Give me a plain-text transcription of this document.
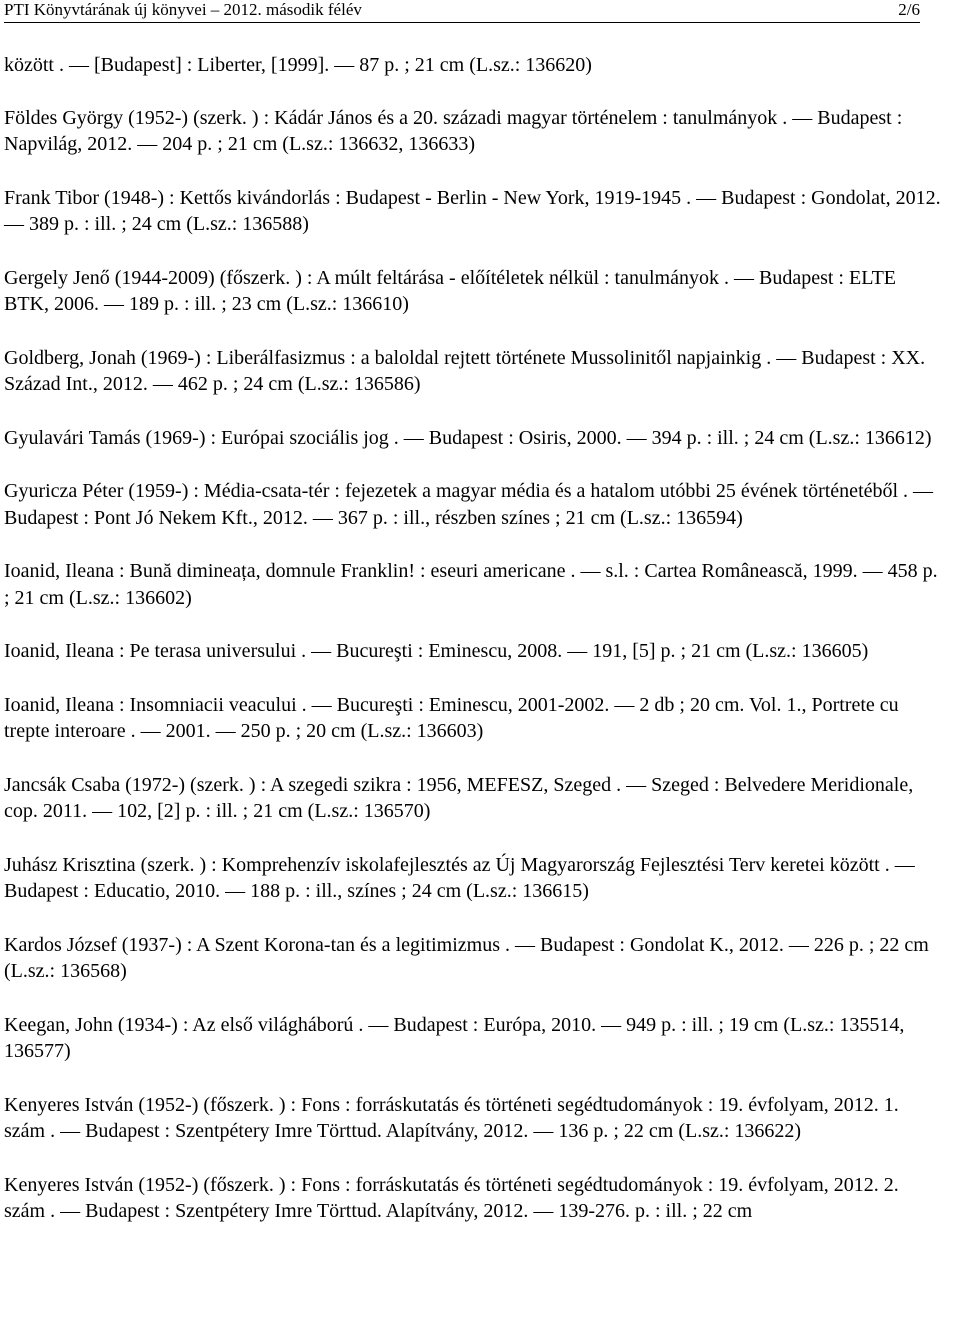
PTI Könyvtárának új könyvei – 2012. második félév	2/6

között . — [Budapest] : Liberter, [1999]. — 87 p. ; 21 cm (L.sz.: 136620)

Földes György (1952-) (szerk. ) : Kádár János és a 20. századi magyar történelem : tanulmányok . — Budapest : Napvilág, 2012. — 204 p. ; 21 cm (L.sz.: 136632, 136633)

Frank Tibor (1948-) : Kettős kivándorlás : Budapest - Berlin - New York, 1919-1945 . — Budapest : Gondolat, 2012. — 389 p. : ill. ; 24 cm (L.sz.: 136588)

Gergely Jenő (1944-2009) (főszerk. ) : A múlt feltárása - előítéletek nélkül : tanulmányok . — Budapest : ELTE BTK, 2006. — 189 p. : ill. ; 23 cm (L.sz.: 136610)

Goldberg, Jonah (1969-) : Liberálfasizmus : a baloldal rejtett története Mussolinitől napjainkig . — Budapest : XX. Század Int., 2012. — 462 p. ; 24 cm (L.sz.: 136586)

Gyulavári Tamás (1969-) : Európai szociális jog . — Budapest : Osiris, 2000. — 394 p. : ill. ; 24 cm (L.sz.: 136612)

Gyuricza Péter (1959-) : Média-csata-tér : fejezetek a magyar média és a hatalom utóbbi 25 évének történetéből . — Budapest : Pont Jó Nekem Kft., 2012. — 367 p. : ill., részben színes ; 21 cm (L.sz.: 136594)

Ioanid, Ileana : Bună dimineața, domnule Franklin! : eseuri americane . — s.l. : Cartea Românească, 1999. — 458 p. ; 21 cm (L.sz.: 136602)

Ioanid, Ileana : Pe terasa universului . — Bucureşti : Eminescu, 2008. — 191, [5] p. ; 21 cm (L.sz.: 136605)

Ioanid, Ileana : Insomniacii veacului . — Bucureşti : Eminescu, 2001-2002. — 2 db ; 20 cm. Vol. 1., Portrete cu trepte interoare . — 2001. — 250 p. ; 20 cm (L.sz.: 136603)

Jancsák Csaba (1972-) (szerk. ) : A szegedi szikra : 1956, MEFESZ, Szeged . — Szeged : Belvedere Meridionale, cop. 2011. — 102, [2] p. : ill. ; 21 cm (L.sz.: 136570)

Juhász Krisztina (szerk. ) : Komprehenzív iskolafejlesztés az Új Magyarország Fejlesztési Terv keretei között . — Budapest : Educatio, 2010. — 188 p. : ill., színes ; 24 cm (L.sz.: 136615)

Kardos József (1937-) : A Szent Korona-tan és a legitimizmus . — Budapest : Gondolat K., 2012. — 226 p. ; 22 cm (L.sz.: 136568)

Keegan, John (1934-) : Az első világháború . — Budapest : Európa, 2010. — 949 p. : ill. ; 19 cm (L.sz.: 135514, 136577)

Kenyeres István (1952-) (főszerk. ) : Fons : forráskutatás és történeti segédtudományok : 19. évfolyam, 2012. 1. szám . — Budapest : Szentpétery Imre Törttud. Alapítvány, 2012. — 136 p. ; 22 cm (L.sz.: 136622)

Kenyeres István (1952-) (főszerk. ) : Fons : forráskutatás és történeti segédtudományok : 19. évfolyam, 2012. 2. szám . — Budapest : Szentpétery Imre Törttud. Alapítvány, 2012. — 139-276. p. : ill. ; 22 cm
